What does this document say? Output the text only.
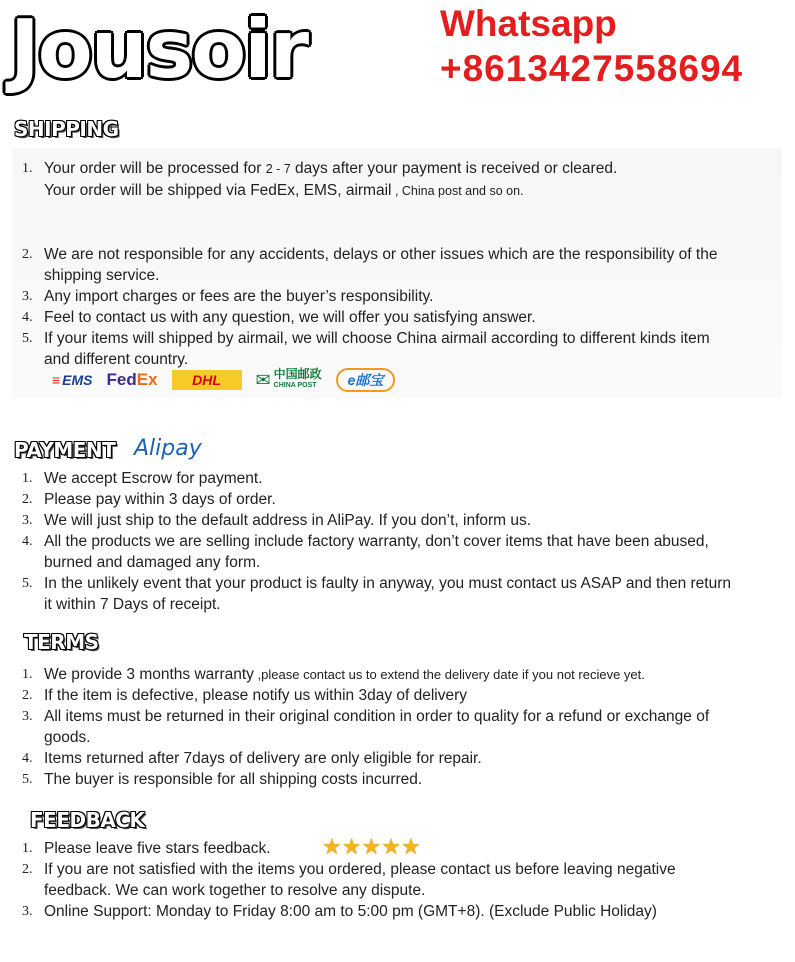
Jousoir	Whatsapp
+8613427558694
SHIPPING
1. Your order will be processed for 2 - 7 days after your payment is received or cleared.
Your order will be shipped via FedEx, EMS, airmail , China post and so on.
2. We are not responsible for any accidents, delays or other issues which are the responsibility of the shipping service.
3. Any import charges or fees are the buyer’s responsibility.
4. Feel to contact us with any question, we will offer you satisfying answer.
5. If your items will shipped by airmail, we will choose China airmail according to different kinds item and different country.
≡ EMS FedEx	DHL	✉ 中国邮政
CHINA POST	e邮宝
PAYMENT Alipay
1. We accept Escrow for payment.
2. Please pay within 3 days of order.
3. We will just ship to the default address in AliPay. If you don’t, inform us.
4. All the products we are selling include factory warranty, don’t cover items that have been abused, burned and damaged any form.
5. In the unlikely event that your product is faulty in anyway, you must contact us ASAP and then return it within 7 Days of receipt.
TERMS
1. We provide 3 months warranty ,please contact us to extend the delivery date if you not recieve yet.
2. If the item is defective, please notify us within 3day of delivery
3. All items must be returned in their original condition in order to quality for a refund or exchange of goods.
4. Items returned after 7days of delivery are only eligible for repair.
5. The buyer is responsible for all shipping costs incurred.
FEEDBACK
1. Please leave five stars feedback.
2. If you are not satisfied with the items you ordered, please contact us before leaving negative feedback. We can work together to resolve any dispute.
3. Online Support: Monday to Friday 8:00 am to 5:00 pm (GMT+8). (Exclude Public Holiday)
★ ★ ★ ★ ★
